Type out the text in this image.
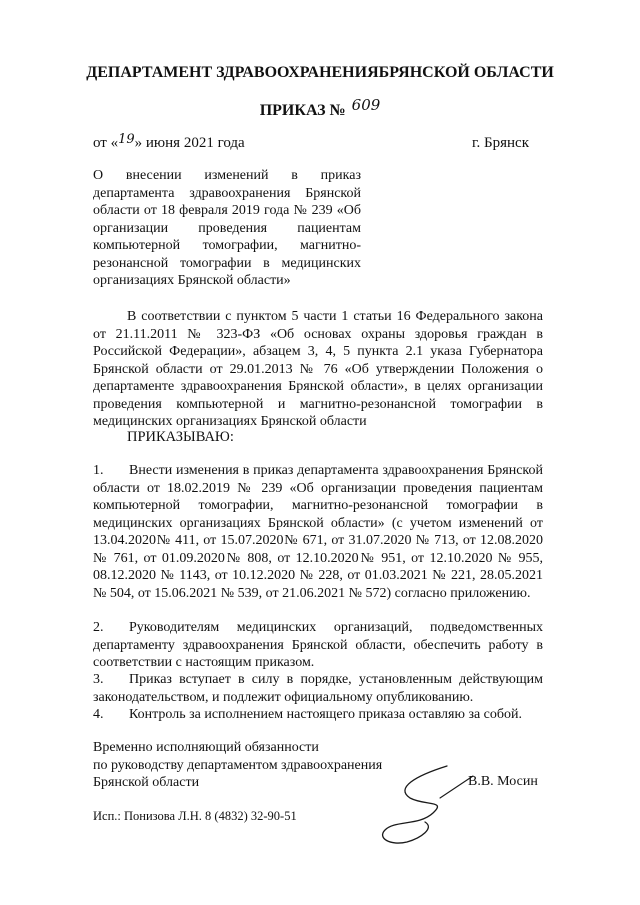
ДЕПАРТАМЕНТ ЗДРАВООХРАНЕНИЯБРЯНСКОЙ ОБЛАСТИ
ПРИКАЗ № 609
от «19» июня 2021 года	г. Брянск
О внесении изменений в приказ департамента здравоохранения Брянской области от 18 февраля 2019 года № 239 «Об организации проведения пациентам компьютерной томографии, магнитно-резонансной томографии в медицинских организациях Брянской области»
В соответствии с пунктом 5 части 1 статьи 16 Федерального закона от 21.11.2011 № 323-ФЗ «Об основах охраны здоровья граждан в Российской Федерации», абзацем 3, 4, 5 пункта 2.1 указа Губернатора Брянской области от 29.01.2013 № 76 «Об утверждении Положения о департаменте здравоохранения Брянской области», в целях организации проведения компьютерной и магнитно-резонансной томографии в медицинских организациях Брянской области
ПРИКАЗЫВАЮ:
1. Внести изменения в приказ департамента здравоохранения Брянской области от 18.02.2019 № 239 «Об организации проведения пациентам компьютерной томографии, магнитно-резонансной томографии в медицинских организациях Брянской области» (с учетом изменений от 13.04.2020№ 411, от 15.07.2020№ 671, от 31.07.2020 № 713, от 12.08.2020 № 761, от 01.09.2020№ 808, от 12.10.2020№ 951, от 12.10.2020 № 955, 08.12.2020 № 1143, от 10.12.2020 № 228, от 01.03.2021 № 221, 28.05.2021 № 504, от 15.06.2021 № 539, от 21.06.2021 № 572) согласно приложению.
2. Руководителям медицинских организаций, подведомственных департаменту здравоохранения Брянской области, обеспечить работу в соответствии с настоящим приказом.
3. Приказ вступает в силу в порядке, установленным действующим законодательством, и подлежит официальному опубликованию.
4. Контроль за исполнением настоящего приказа оставляю за собой.
Временно исполняющий обязанности
по руководству департаментом здравоохранения
Брянской области	В.В. Мосин
Исп.: Понизова Л.Н. 8 (4832) 32-90-51
